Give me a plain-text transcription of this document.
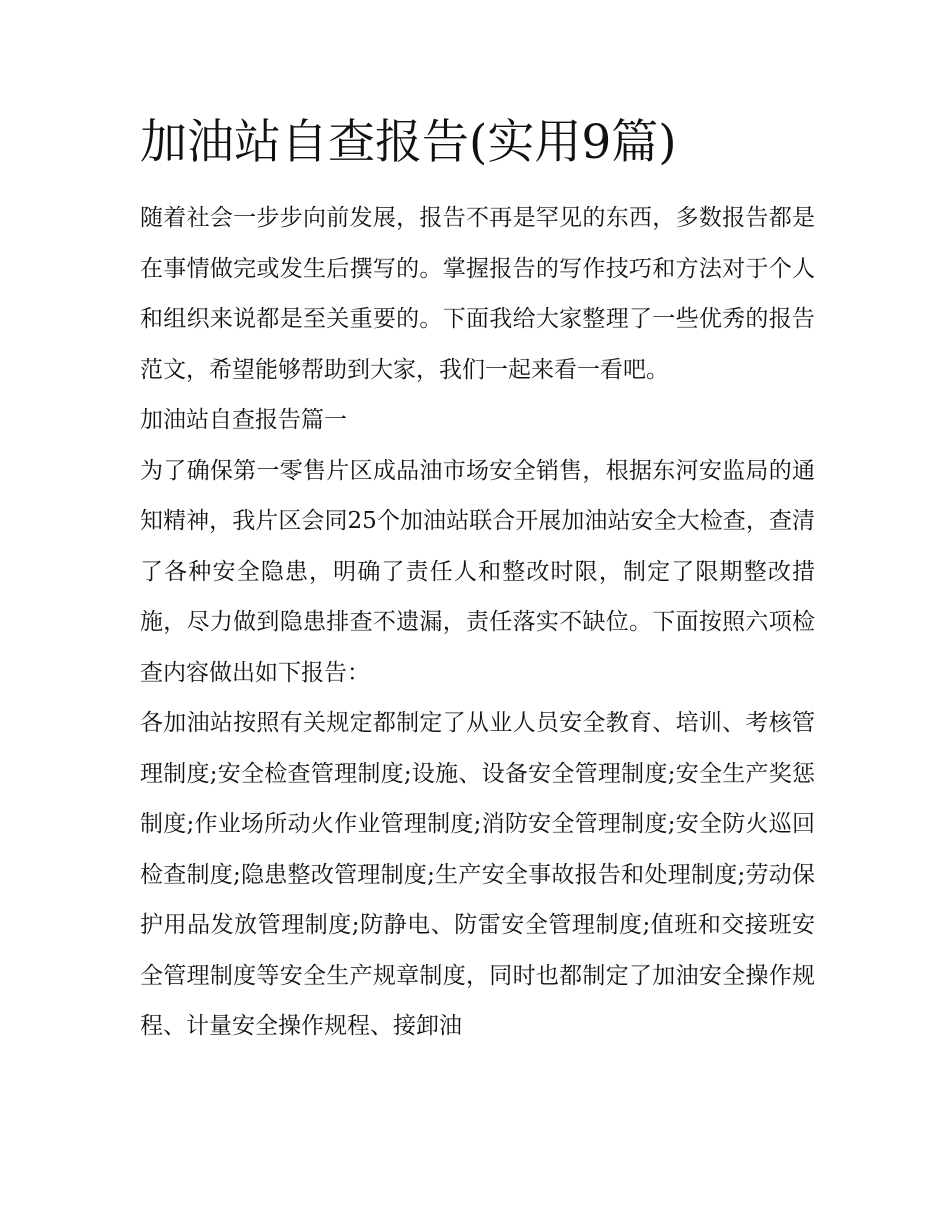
加油站自查报告(实用9篇)

随着社会一步步向前发展，报告不再是罕见的东西，多数报告都是在事情做完或发生后撰写的。掌握报告的写作技巧和方法对于个人和组织来说都是至关重要的。下面我给大家整理了一些优秀的报告范文，希望能够帮助到大家，我们一起来看一看吧。

加油站自查报告篇一

为了确保第一零售片区成品油市场安全销售，根据东河安监局的通知精神，我片区会同25个加油站联合开展加油站安全大检查，查清了各种安全隐患，明确了责任人和整改时限，制定了限期整改措施，尽力做到隐患排查不遗漏，责任落实不缺位。下面按照六项检查内容做出如下报告：

各加油站按照有关规定都制定了从业人员安全教育、培训、考核管理制度;安全检查管理制度;设施、设备安全管理制度;安全生产奖惩制度;作业场所动火作业管理制度;消防安全管理制度;安全防火巡回检查制度;隐患整改管理制度;生产安全事故报告和处理制度;劳动保护用品发放管理制度;防静电、防雷安全管理制度;值班和交接班安全管理制度等安全生产规章制度，同时也都制定了加油安全操作规程、计量安全操作规程、接卸油
